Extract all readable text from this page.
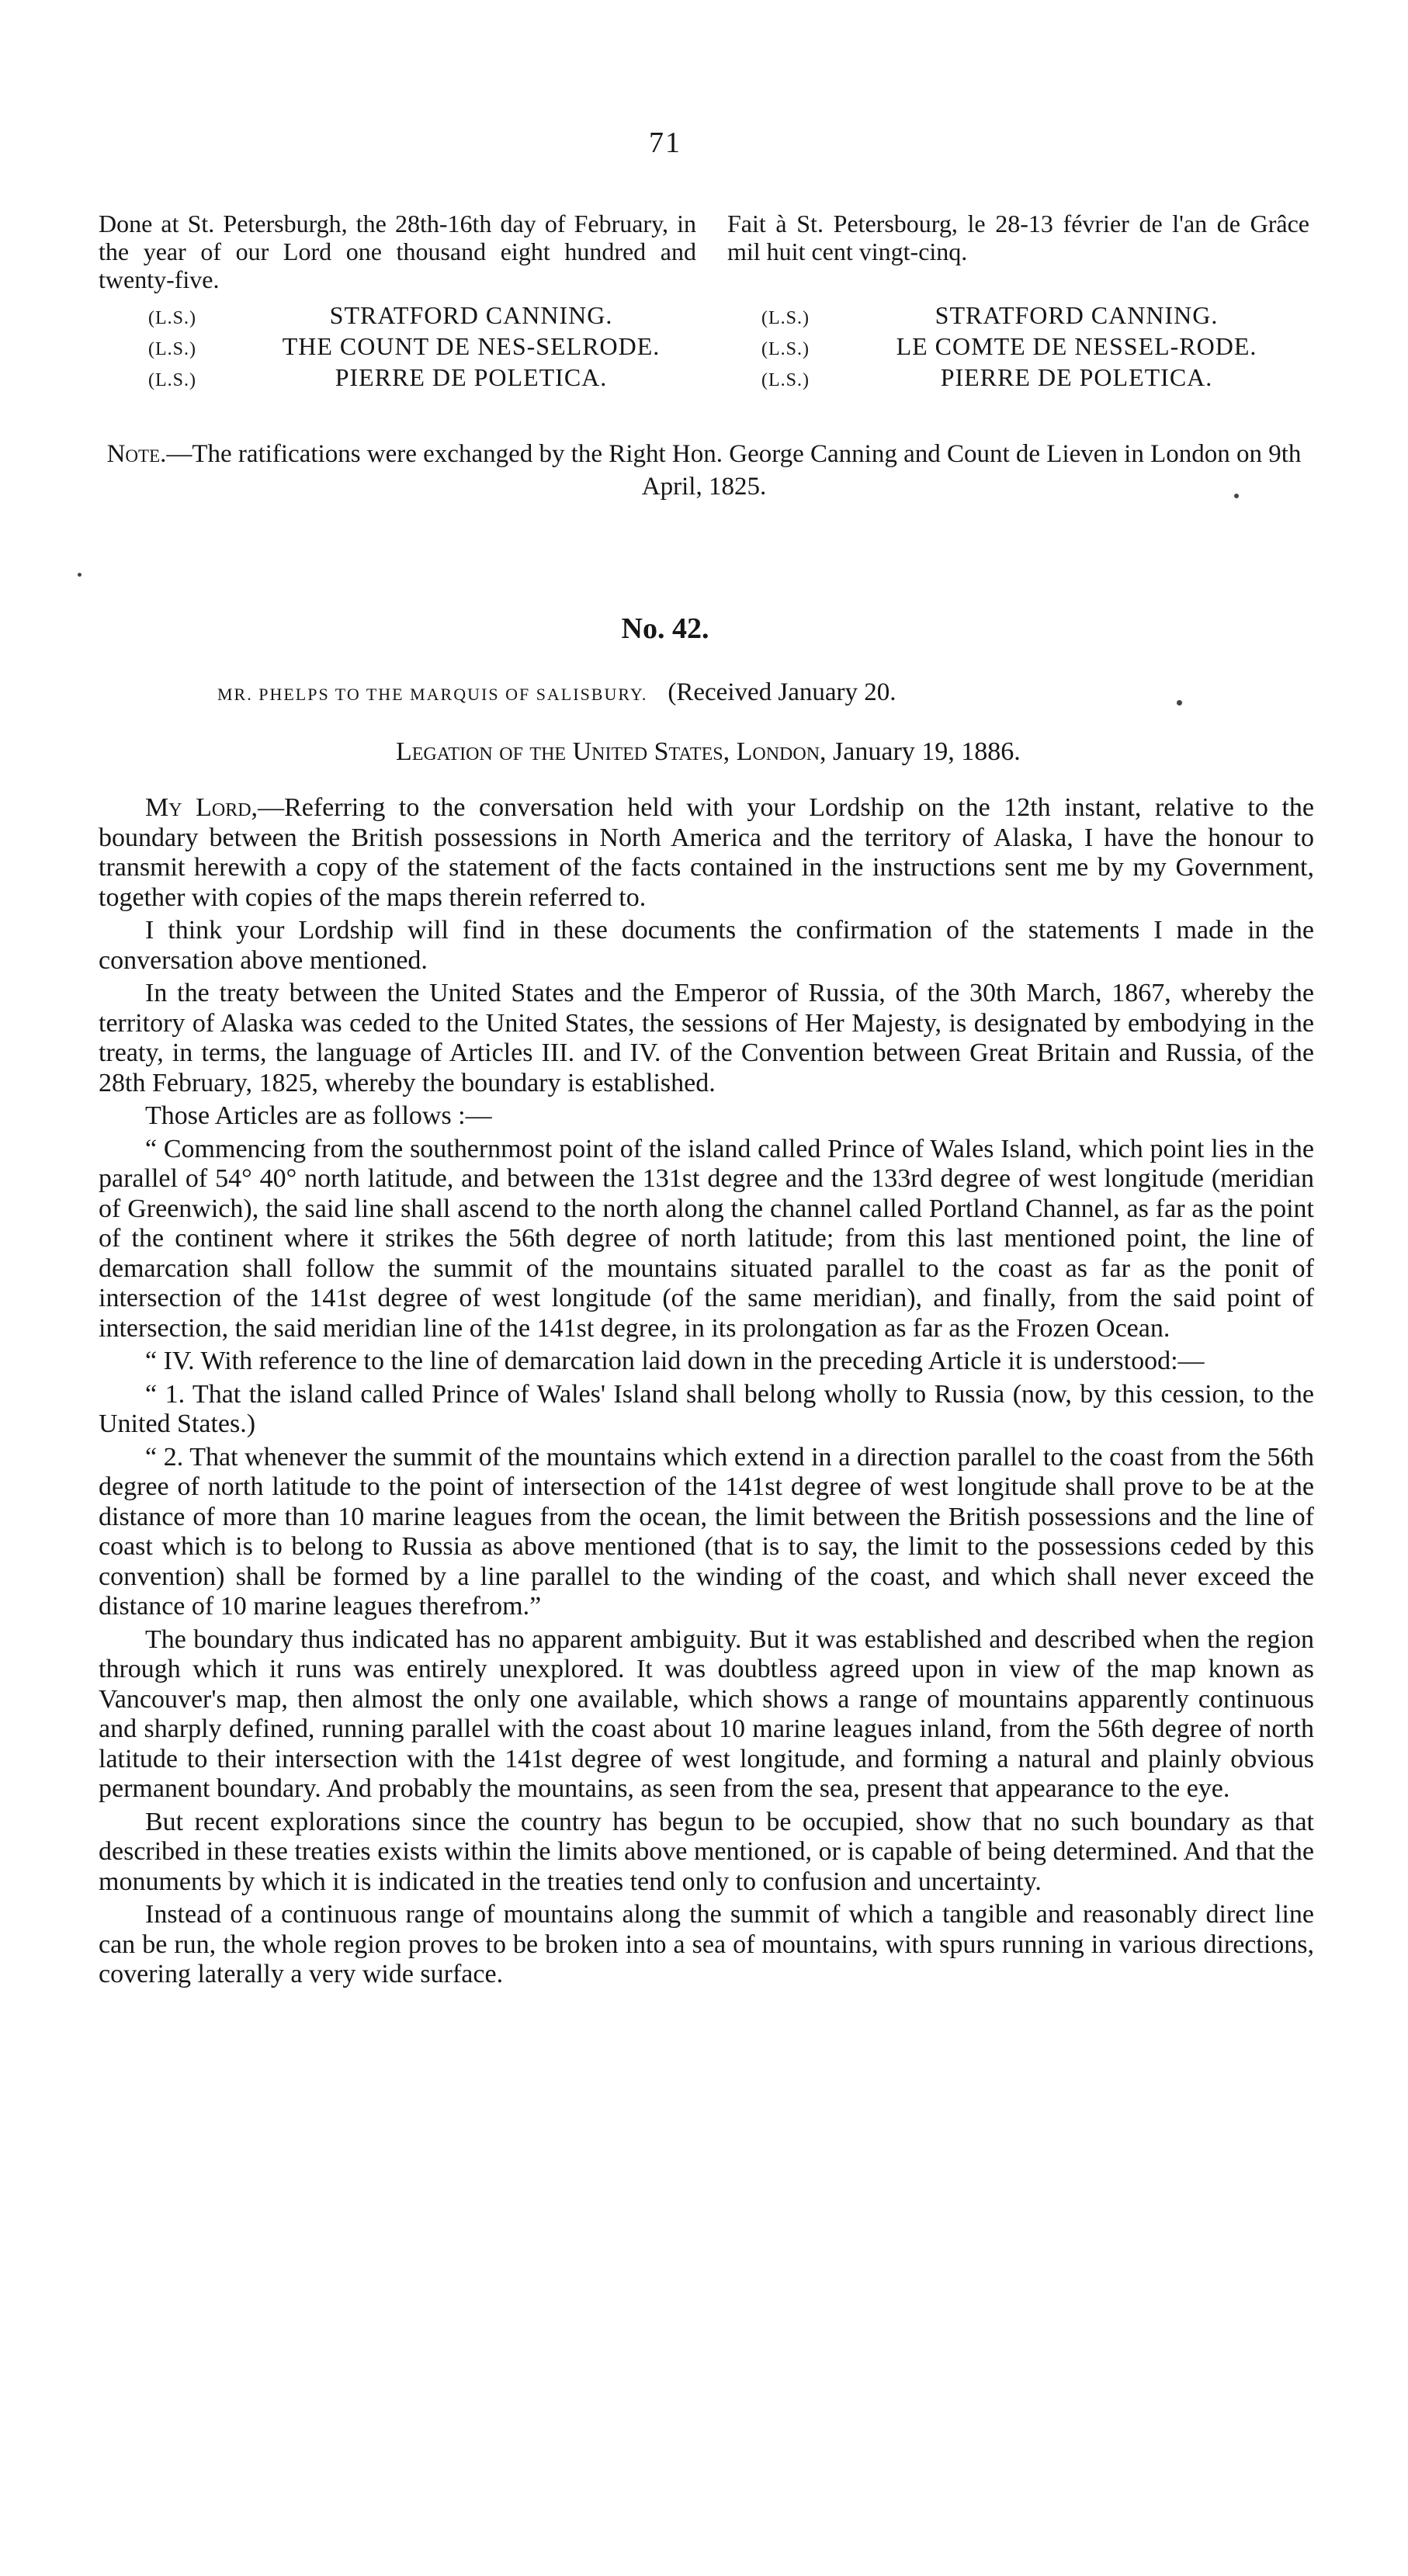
71

Done at St. Petersburgh, the 28th-16th day of February, in the year of our Lord one thousand eight hundred and twenty-five.

(L.S.)	STRATFORD CANNING.
(L.S.)	THE COUNT DE NES-SELRODE.
(L.S.)	PIERRE DE POLETICA.

Fait à St. Petersbourg, le 28-13 février de l'an de Grâce mil huit cent vingt-cinq.

(L.S.)	STRATFORD CANNING.
(L.S.)	LE COMTE DE NESSEL-RODE.
(L.S.)	PIERRE DE POLETICA.
Note.—The ratifications were exchanged by the Right Hon. George Canning and Count de Lieven in London on 9th April, 1825.
No. 42.
MR. PHELPS TO THE MARQUIS OF SALISBURY. (Received January 20.
Legation of the United States, London, January 19, 1886.

My Lord,—Referring to the conversation held with your Lordship on the 12th instant, relative to the boundary between the British possessions in North America and the territory of Alaska, I have the honour to transmit herewith a copy of the statement of the facts contained in the instructions sent me by my Government, together with copies of the maps therein referred to.

I think your Lordship will find in these documents the confirmation of the statements I made in the conversation above mentioned.

In the treaty between the United States and the Emperor of Russia, of the 30th March, 1867, whereby the territory of Alaska was ceded to the United States, the sessions of Her Majesty, is designated by embodying in the treaty, in terms, the language of Articles III. and IV. of the Convention between Great Britain and Russia, of the 28th February, 1825, whereby the boundary is established.

Those Articles are as follows :—

“ Commencing from the southernmost point of the island called Prince of Wales Island, which point lies in the parallel of 54° 40° north latitude, and between the 131st degree and the 133rd degree of west longitude (meridian of Greenwich), the said line shall ascend to the north along the channel called Portland Channel, as far as the point of the continent where it strikes the 56th degree of north latitude; from this last mentioned point, the line of demarcation shall follow the summit of the mountains situated parallel to the coast as far as the ponit of intersection of the 141st degree of west longitude (of the same meridian), and finally, from the said point of intersection, the said meridian line of the 141st degree, in its prolongation as far as the Frozen Ocean.

“ IV. With reference to the line of demarcation laid down in the preceding Article it is understood:—

“ 1. That the island called Prince of Wales' Island shall belong wholly to Russia (now, by this cession, to the United States.)

“ 2. That whenever the summit of the mountains which extend in a direction parallel to the coast from the 56th degree of north latitude to the point of intersection of the 141st degree of west longitude shall prove to be at the distance of more than 10 marine leagues from the ocean, the limit between the British possessions and the line of coast which is to belong to Russia as above mentioned (that is to say, the limit to the possessions ceded by this convention) shall be formed by a line parallel to the winding of the coast, and which shall never exceed the distance of 10 marine leagues therefrom.”

The boundary thus indicated has no apparent ambiguity. But it was established and described when the region through which it runs was entirely unexplored. It was doubtless agreed upon in view of the map known as Vancouver's map, then almost the only one available, which shows a range of mountains apparently continuous and sharply defined, running parallel with the coast about 10 marine leagues inland, from the 56th degree of north latitude to their intersection with the 141st degree of west longitude, and forming a natural and plainly obvious permanent boundary. And probably the mountains, as seen from the sea, present that appearance to the eye.

But recent explorations since the country has begun to be occupied, show that no such boundary as that described in these treaties exists within the limits above mentioned, or is capable of being determined. And that the monuments by which it is indicated in the treaties tend only to confusion and uncertainty.

Instead of a continuous range of mountains along the summit of which a tangible and reasonably direct line can be run, the whole region proves to be broken into a sea of mountains, with spurs running in various directions, covering laterally a very wide surface.
